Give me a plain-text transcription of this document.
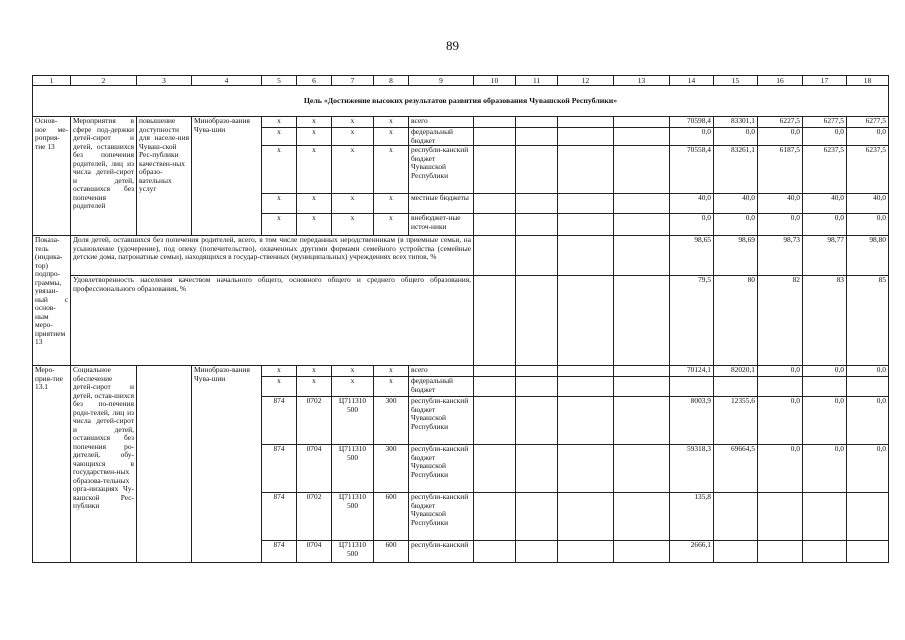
89
1	2	3	4	5	6	7	8	9	10	11	12	13	14	15	16	17	18
Цель «Достижение высоких результатов развития образования Чувашской Республики»																	
Основ-ное ме-роприя-тие 13	Мероприятия в сфере под-держки детей-сирот и детей, оставшихся без попечения родителей, лиц из числа детей-сирот и детей, оставшихся без попечения родителей	повышение доступности для населе-ния Чуваш-ской Рес-публики качествен-ных образо-вательных услуг	Минобразо-вания Чува-шии	x	x	x	x	всего					70598,4	83301,1	6227,5	6277,5	6277,5
				x	x	x	x	федеральный бюджет					0,0	0,0	0,0	0,0	0,0
				x	x	x	x	республи-канский бюджет Чувашской Республики					70558,4	83261,1	6187,5	6237,5	6237,5
				x	x	x	x	местные бюджеты					40,0	40,0	40,0	40,0	40,0
				x	x	x	x	внебюджет-ные источ-ники					0,0	0,0	0,0	0,0	0,0
Показа-тель (индика-тор) подпро-граммы, увязан-ный с основ-ным меро-приятием 13	Доля детей, оставшихся без попечения родителей, всего, в том числе переданных неродственникам (в приемные семьи, на усыновление (удочерение), под опеку (попечительство), охваченных другими формами семейного устройства (семейные детские дома, патронатные семьи), находящихся в государ-ственных (муниципальных) учреждениях всех типов, %												98,65	98,69	98,73	98,77	98,80
	Удовлетворенность населения качеством начального общего, основного общего и среднего общего образования, профессионального образования, %												79,5	80	82	83	85
Меро-прия-тие 13.1	Социальное обеспечение детей-сирот и детей, остав-шихся без по-печения роди-телей, лиц из числа детей-сирот и детей, оставшихся без попечения ро-дителей, обу-чающихся в государствен-ных образова-тельных орга-низациях Чу-вашской Рес-публики		Минобразо-вания Чува-шии	x	x	x	x	всего					70124,1	82020,1	0,0	0,0	0,0
				x	x	x	x	федеральный бюджет									
				874	0702	Ц711310 500	300	республи-канский бюджет Чувашской Республики					8003,9	12355,6	0,0	0,0	0,0
				874	0704	Ц711310 500	300	республи-канский бюджет Чувашской Республики					59318,3	69664,5	0,0	0,0	0,0
				874	0702	Ц711310 500	600	республи-канский бюджет Чувашской Республики					135,8				
				874	0704	Ц711310 500	600	республи-канский					2666,1				
